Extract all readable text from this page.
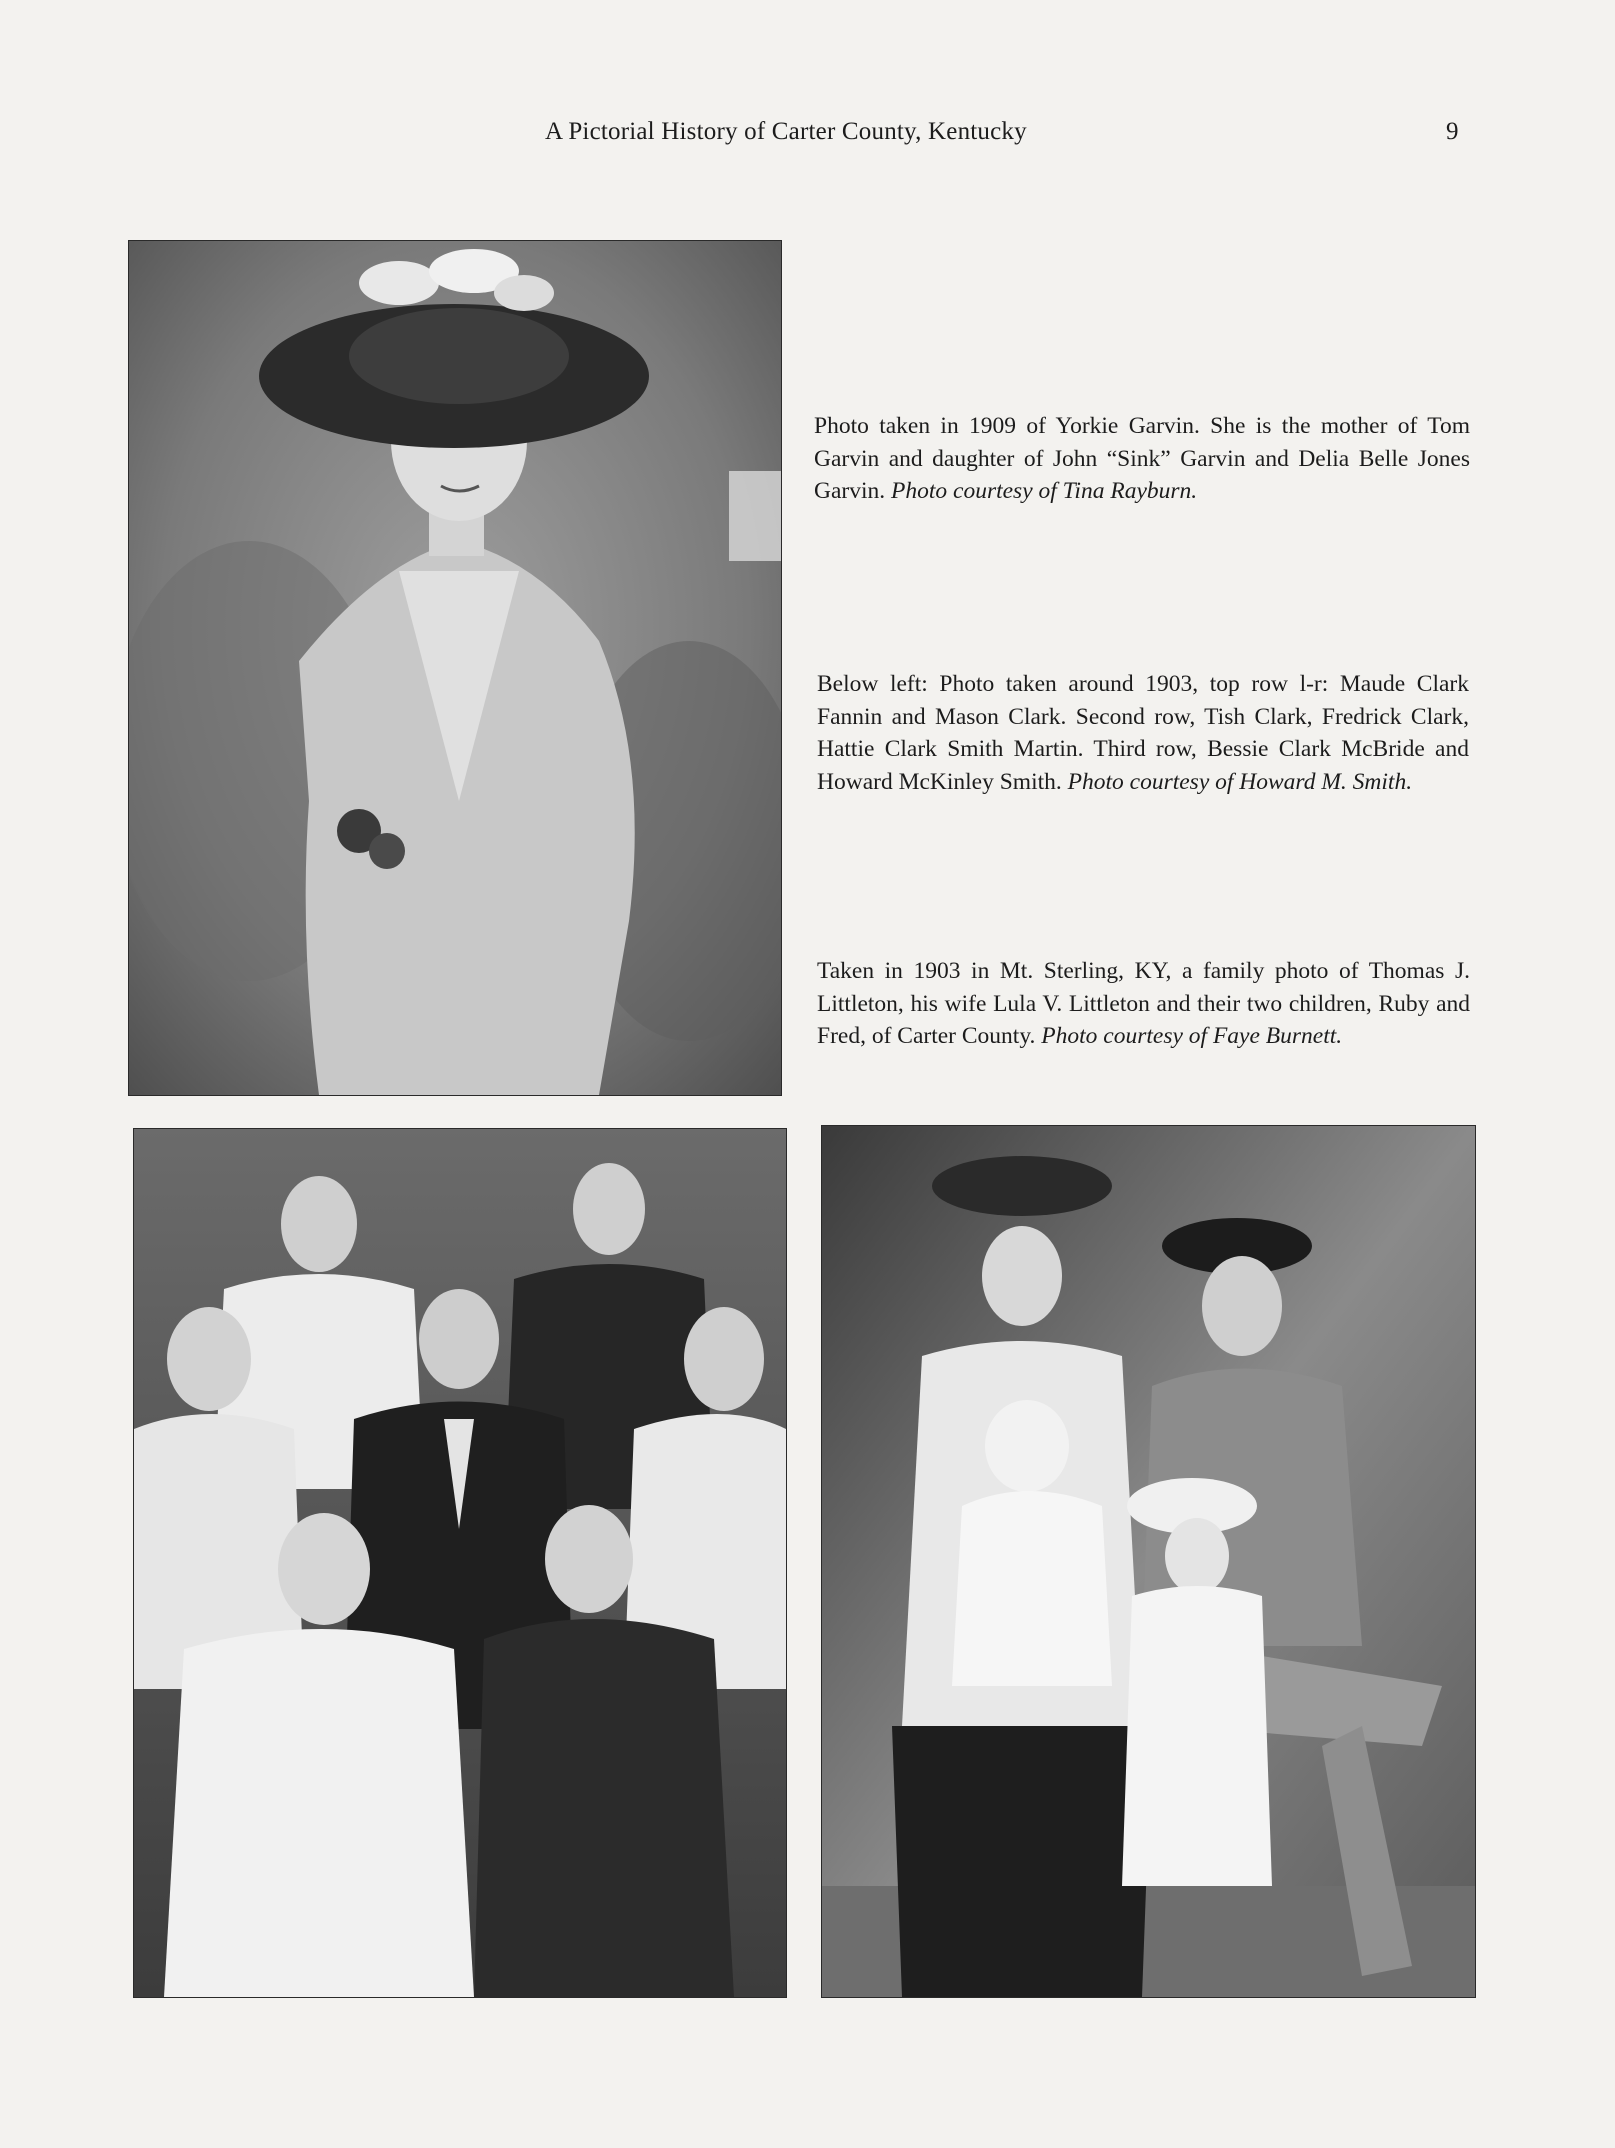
A Pictorial History of Carter County, Kentucky	9
Photo taken in 1909 of Yorkie Garvin. She is the mother of Tom Garvin and daughter of John “Sink” Garvin and Delia Belle Jones Garvin. Photo courtesy of Tina Rayburn.
Below left: Photo taken around 1903, top row l-r: Maude Clark Fannin and Mason Clark. Second row, Tish Clark, Fredrick Clark, Hattie Clark Smith Martin. Third row, Bessie Clark McBride and Howard McKinley Smith. Photo courtesy of Howard M. Smith.
Taken in 1903 in Mt. Sterling, KY, a family photo of Thomas J. Littleton, his wife Lula V. Littleton and their two children, Ruby and Fred, of Carter County. Photo courtesy of Faye Burnett.
